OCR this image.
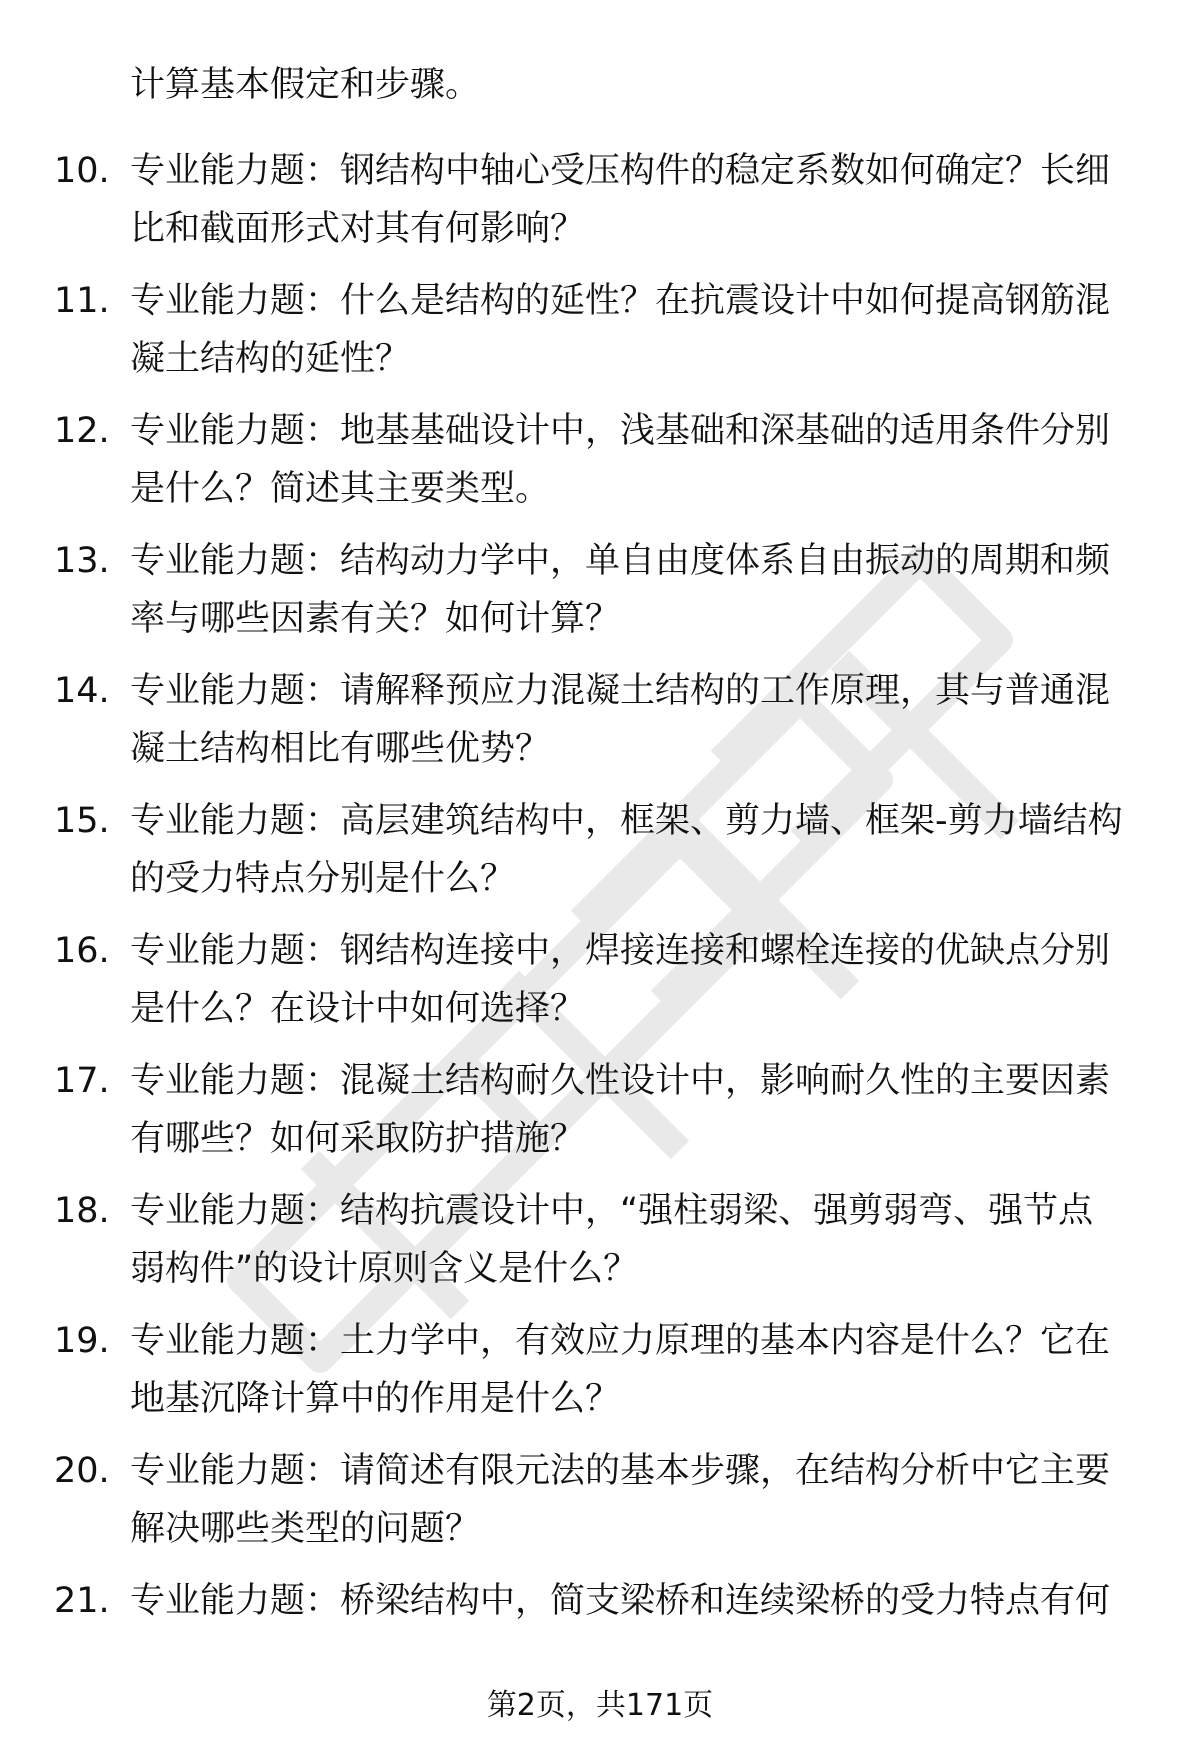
计算基本假定和步骤。
10. 专业能力题：钢结构中轴心受压构件的稳定系数如何确定？长细
比和截面形式对其有何影响？
11. 专业能力题：什么是结构的延性？在抗震设计中如何提高钢筋混
凝土结构的延性？
12. 专业能力题：地基基础设计中，浅基础和深基础的适用条件分别
是什么？简述其主要类型。
13. 专业能力题：结构动力学中，单自由度体系自由振动的周期和频
率与哪些因素有关？如何计算？
14. 专业能力题：请解释预应力混凝土结构的工作原理，其与普通混
凝土结构相比有哪些优势？
15. 专业能力题：高层建筑结构中，框架、剪力墙、框架-剪力墙结构
的受力特点分别是什么？
16. 专业能力题：钢结构连接中，焊接连接和螺栓连接的优缺点分别
是什么？在设计中如何选择？
17. 专业能力题：混凝土结构耐久性设计中，影响耐久性的主要因素
有哪些？如何采取防护措施？
18. 专业能力题：结构抗震设计中，“强柱弱梁、强剪弱弯、强节点
弱构件”的设计原则含义是什么？
19. 专业能力题：土力学中，有效应力原理的基本内容是什么？它在
地基沉降计算中的作用是什么？
20. 专业能力题：请简述有限元法的基本步骤，在结构分析中它主要
解决哪些类型的问题？
21. 专业能力题：桥梁结构中，简支梁桥和连续梁桥的受力特点有何
第2页，共171页
